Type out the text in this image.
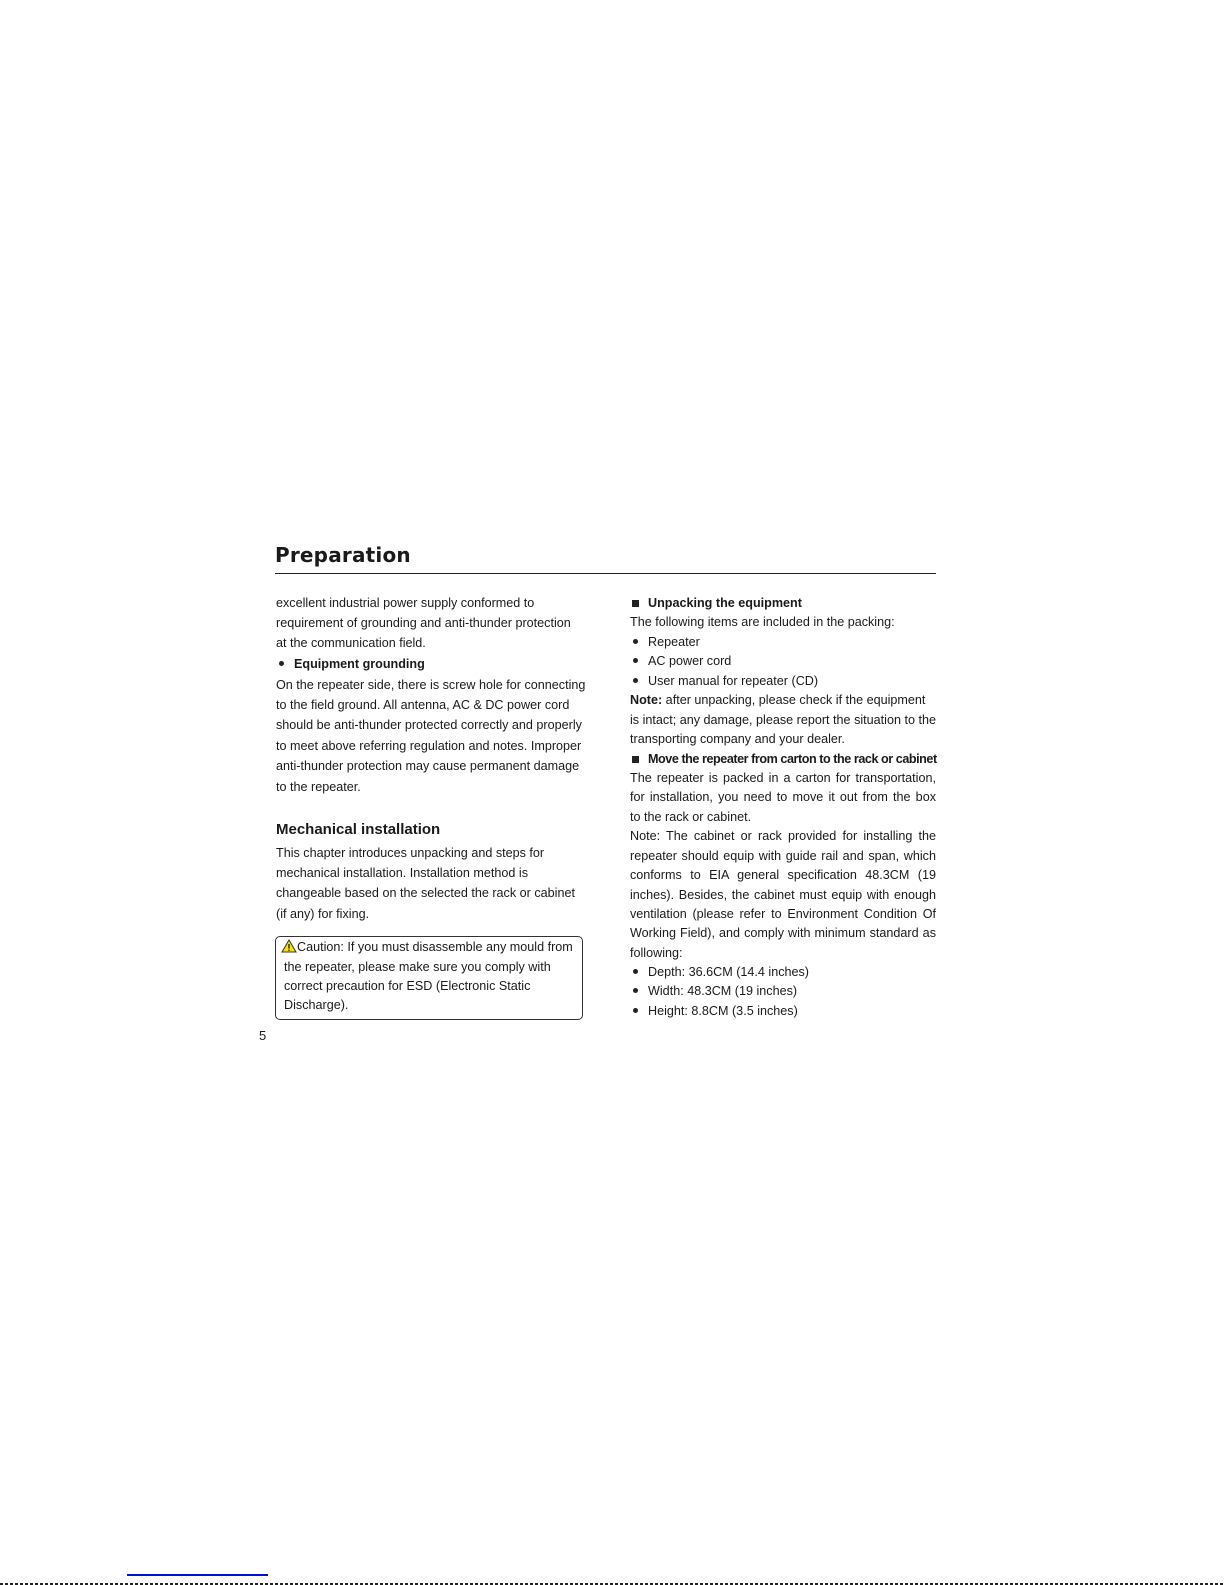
Preparation
excellent industrial power supply conformed to
requirement of grounding and anti-thunder protection
at the communication field.
Equipment grounding
On the repeater side, there is screw hole for connecting
to the field ground. All antenna, AC & DC power cord
should be anti-thunder protected correctly and properly
to meet above referring regulation and notes. Improper
anti-thunder protection may cause permanent damage
to the repeater.
Mechanical installation
This chapter introduces unpacking and steps for
mechanical installation. Installation method is
changeable based on the selected the rack or cabinet
(if any) for fixing.
Caution: If you must disassemble any mould from
the repeater, please make sure you comply with
correct precaution for ESD (Electronic Static
Discharge).
5
Unpacking the equipment
The following items are included in the packing:
Repeater
AC power cord
User manual for repeater (CD)
Note: after unpacking, please check if the equipment
is intact; any damage, please report the situation to the
transporting company and your dealer.
Move the repeater from carton to the rack or cabinet
The repeater is packed in a carton for transportation,
for installation, you need to move it out from the box
to the rack or cabinet.
Note: The cabinet or rack provided for installing the
repeater should equip with guide rail and span, which
conforms to EIA general specification 48.3CM (19
inches). Besides, the cabinet must equip with enough
ventilation (please refer to Environment Condition Of
Working Field), and comply with minimum standard as
following:
Depth: 36.6CM (14.4 inches)
Width: 48.3CM (19 inches)
Height: 8.8CM (3.5 inches)
